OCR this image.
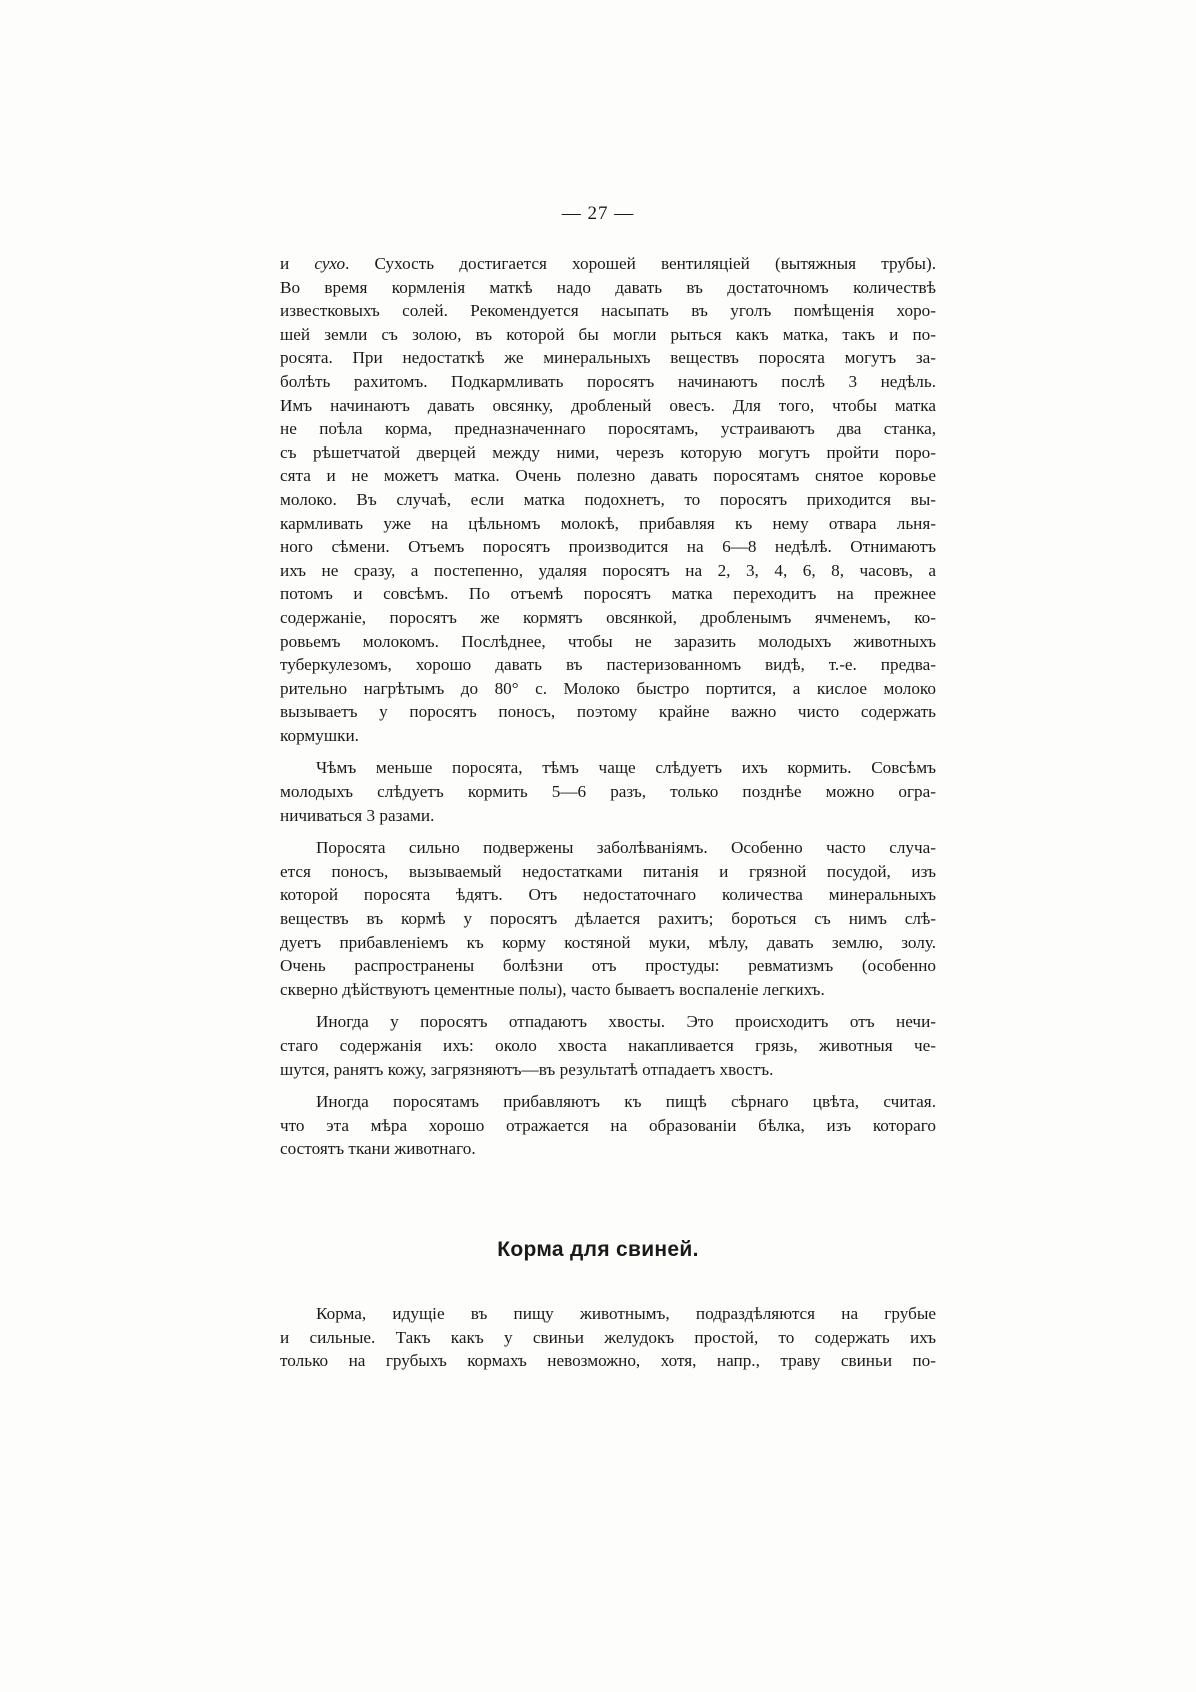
— 27 —

и сухо. Сухость достигается хорошей вентиляцiей (вытяжныя трубы).
Во время кормленiя маткѣ надо давать въ достаточномъ количествѣ
известковыхъ солей. Рекомендуется насыпать въ уголъ помѣщенiя хоро-
шей земли съ золою, въ которой бы могли рыться какъ матка, такъ и по-
росята. При недостаткѣ же минеральныхъ веществъ поросята могутъ за-
болѣть рахитомъ. Подкармливать поросятъ начинаютъ послѣ 3 недѣль.
Имъ начинаютъ давать овсянку, дробленый овесъ. Для того, чтобы матка
не поѣла корма, предназначеннаго поросятамъ, устраиваютъ два станка,
съ рѣшетчатой дверцей между ними, черезъ которую могутъ пройти поро-
сята и не можетъ матка. Очень полезно давать поросятамъ снятое коровье
молоко. Въ случаѣ, если матка подохнетъ, то поросятъ приходится вы-
кармливать уже на цѣльномъ молокѣ, прибавляя къ нему отвара льня-
ного сѣмени. Отъемъ поросятъ производится на 6—8 недѣлѣ. Отнимаютъ
ихъ не сразу, а постепенно, удаляя поросятъ на 2, 3, 4, 6, 8, часовъ, а
потомъ и совсѣмъ. По отъемѣ поросятъ матка переходитъ на прежнее
содержанiе, поросятъ же кормятъ овсянкой, дробленымъ ячменемъ, ко-
ровьемъ молокомъ. Послѣднее, чтобы не заразить молодыхъ животныхъ
туберкулезомъ, хорошо давать въ пастеризованномъ видѣ, т.-е. предва-
рительно нагрѣтымъ до 80° с. Молоко быстро портится, а кислое молоко
вызываетъ у поросятъ поносъ, поэтому крайне важно чисто содержать
кормушки.

Чѣмъ меньше поросята, тѣмъ чаще слѣдуетъ ихъ кормить. Совсѣмъ
молодыхъ слѣдуетъ кормить 5—6 разъ, только позднѣе можно огра-
ничиваться 3 разами.

Поросята сильно подвержены заболѣванiямъ. Особенно часто случа-
ется поносъ, вызываемый недостатками питанiя и грязной посудой, изъ
которой поросята ѣдятъ. Отъ недостаточнаго количества минеральныхъ
веществъ въ кормѣ у поросятъ дѣлается рахитъ; бороться съ нимъ слѣ-
дуетъ прибавленiемъ къ корму костяной муки, мѣлу, давать землю, золу.
Очень распространены болѣзни отъ простуды: ревматизмъ (особенно
скверно дѣйствуютъ цементные полы), часто бываетъ воспаленiе легкихъ.

Иногда у поросятъ отпадаютъ хвосты. Это происходитъ отъ нечи-
стаго содержанiя ихъ: около хвоста накапливается грязь, животныя че-
шутся, ранятъ кожу, загрязняютъ—въ результатѣ отпадаетъ хвостъ.

Иногда поросятамъ прибавляютъ къ пищѣ сѣрнаго цвѣта, считая.
что эта мѣра хорошо отражается на образованiи бѣлка, изъ котораго
состоятъ ткани животнаго.

Корма для свиней.

Корма, идущiе въ пищу животнымъ, подраздѣляются на грубые
и сильные. Такъ какъ у свиньи желудокъ простой, то содержать ихъ
только на грубыхъ кормахъ невозможно, хотя, напр., траву свиньи по-
